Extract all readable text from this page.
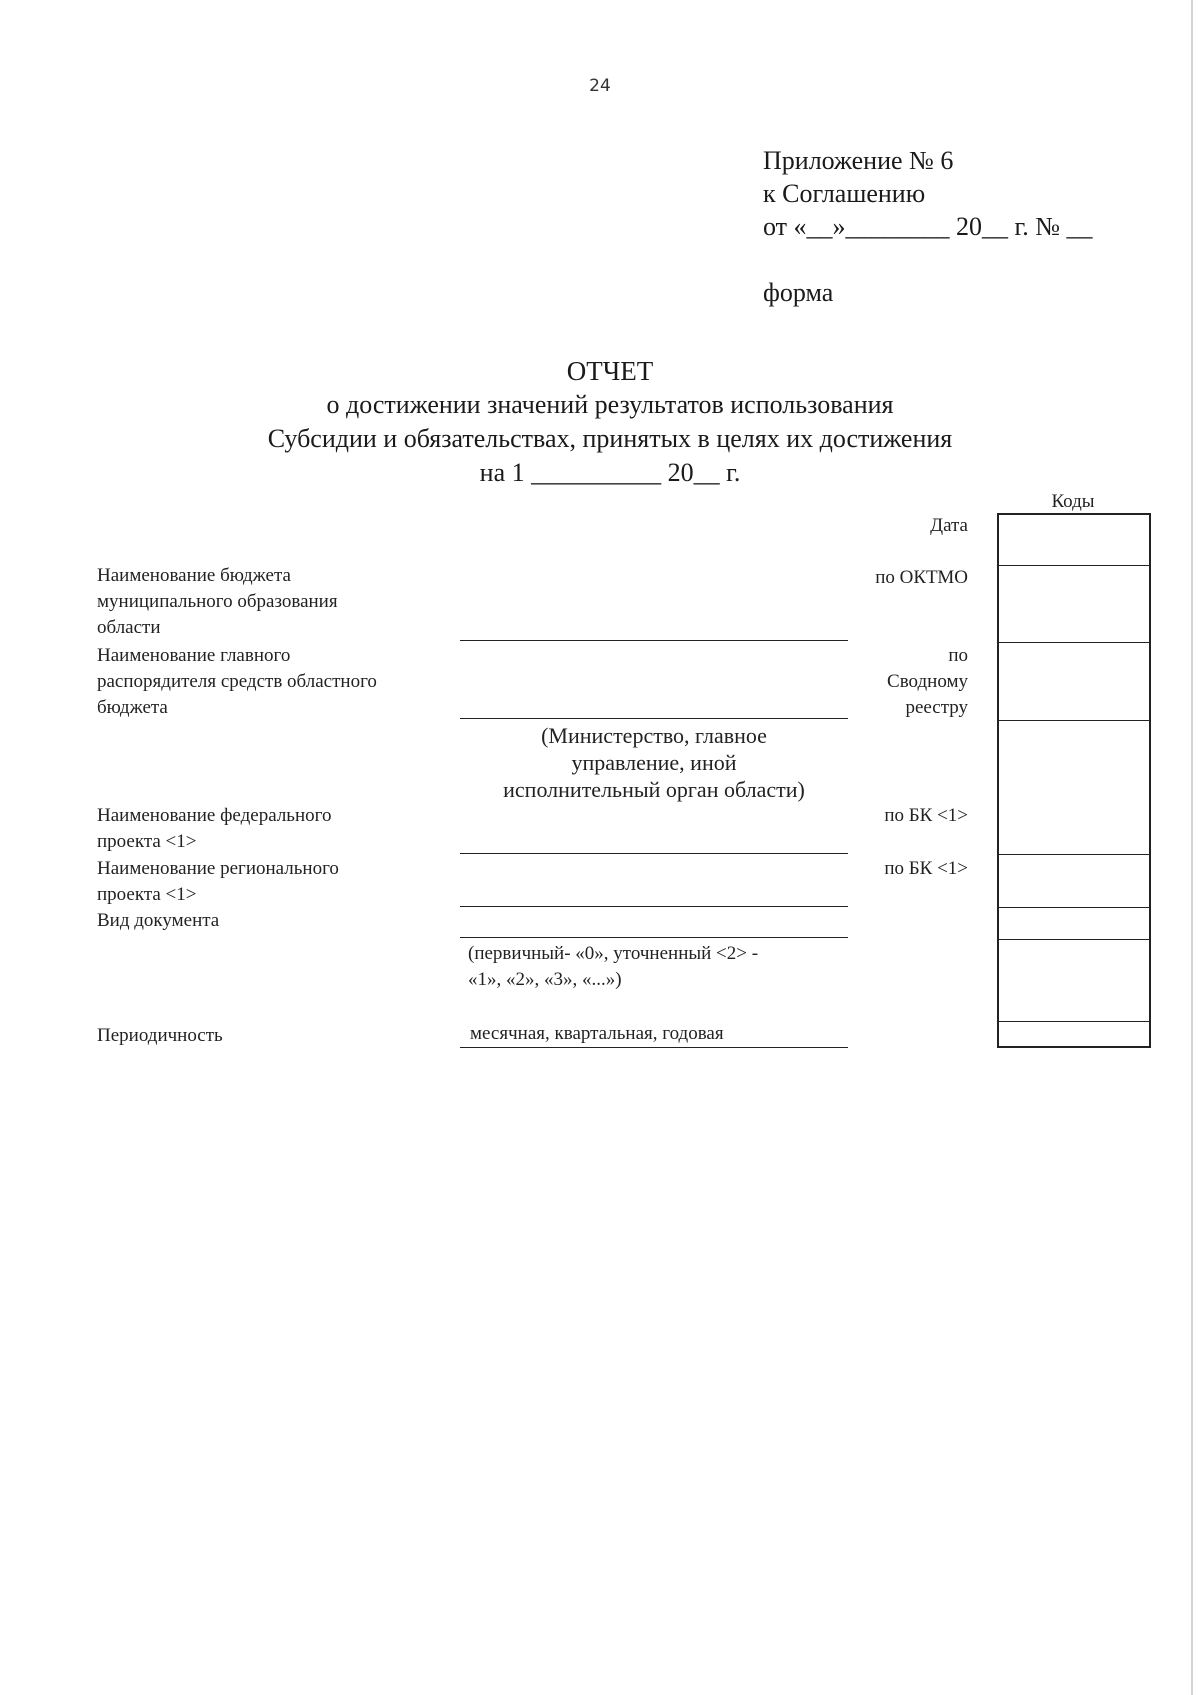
24
Приложение № 6
к Соглашению
от «__»________ 20__ г. № __
форма
ОТЧЕТ
о достижении значений результатов использования
Субсидии и обязательствах, принятых в целях их достижения
на 1 __________ 20__ г.
Коды
Дата
по ОКТМО
по
Сводному
реестру
по БК <1>
по БК <1>
Наименование бюджета
муниципального образования
области
Наименование главного
распорядителя средств областного
бюджета
(Министерство, главное
управление, иной
исполнительный орган области)
Наименование федерального
проекта <1>
Наименование регионального
проекта <1>
Вид документа
(первичный- «0», уточненный <2> -
«1», «2», «3», «...»)
Периодичность	месячная, квартальная, годовая
